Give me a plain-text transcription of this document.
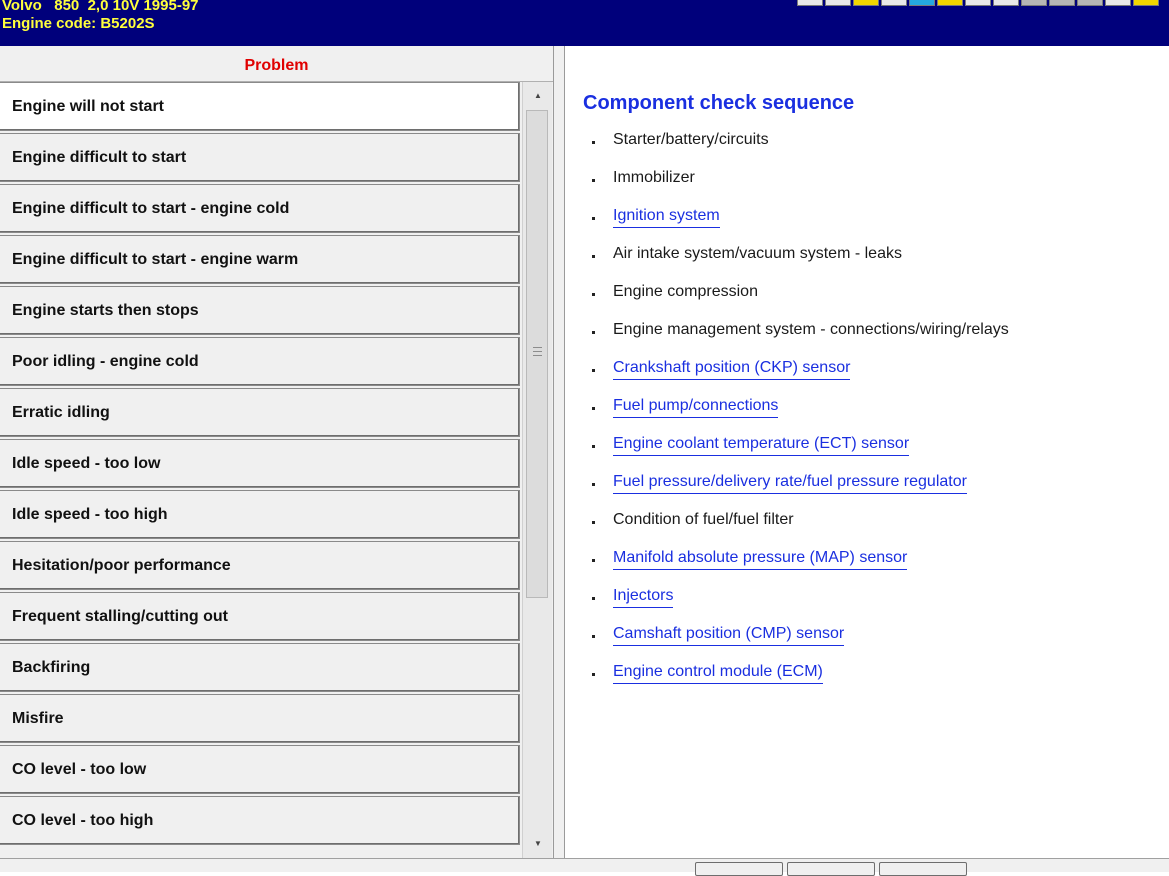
Volvo   850  2,0 10V 1995-97
Engine code: B5202S
Problem
Engine will not start
Engine difficult to start
Engine difficult to start - engine cold
Engine difficult to start - engine warm
Engine starts then stops
Poor idling - engine cold
Erratic idling
Idle speed - too low
Idle speed - too high
Hesitation/poor performance
Frequent stalling/cutting out
Backfiring
Misfire
CO level - too low
CO level - too high
▲
▼
Component check sequence
Starter/battery/circuits
Immobilizer
Ignition system
Air intake system/vacuum system - leaks
Engine compression
Engine management system - connections/wiring/relays
Crankshaft position (CKP) sensor
Fuel pump/connections
Engine coolant temperature (ECT) sensor
Fuel pressure/delivery rate/fuel pressure regulator
Condition of fuel/fuel filter
Manifold absolute pressure (MAP) sensor
Injectors
Camshaft position (CMP) sensor
Engine control module (ECM)
